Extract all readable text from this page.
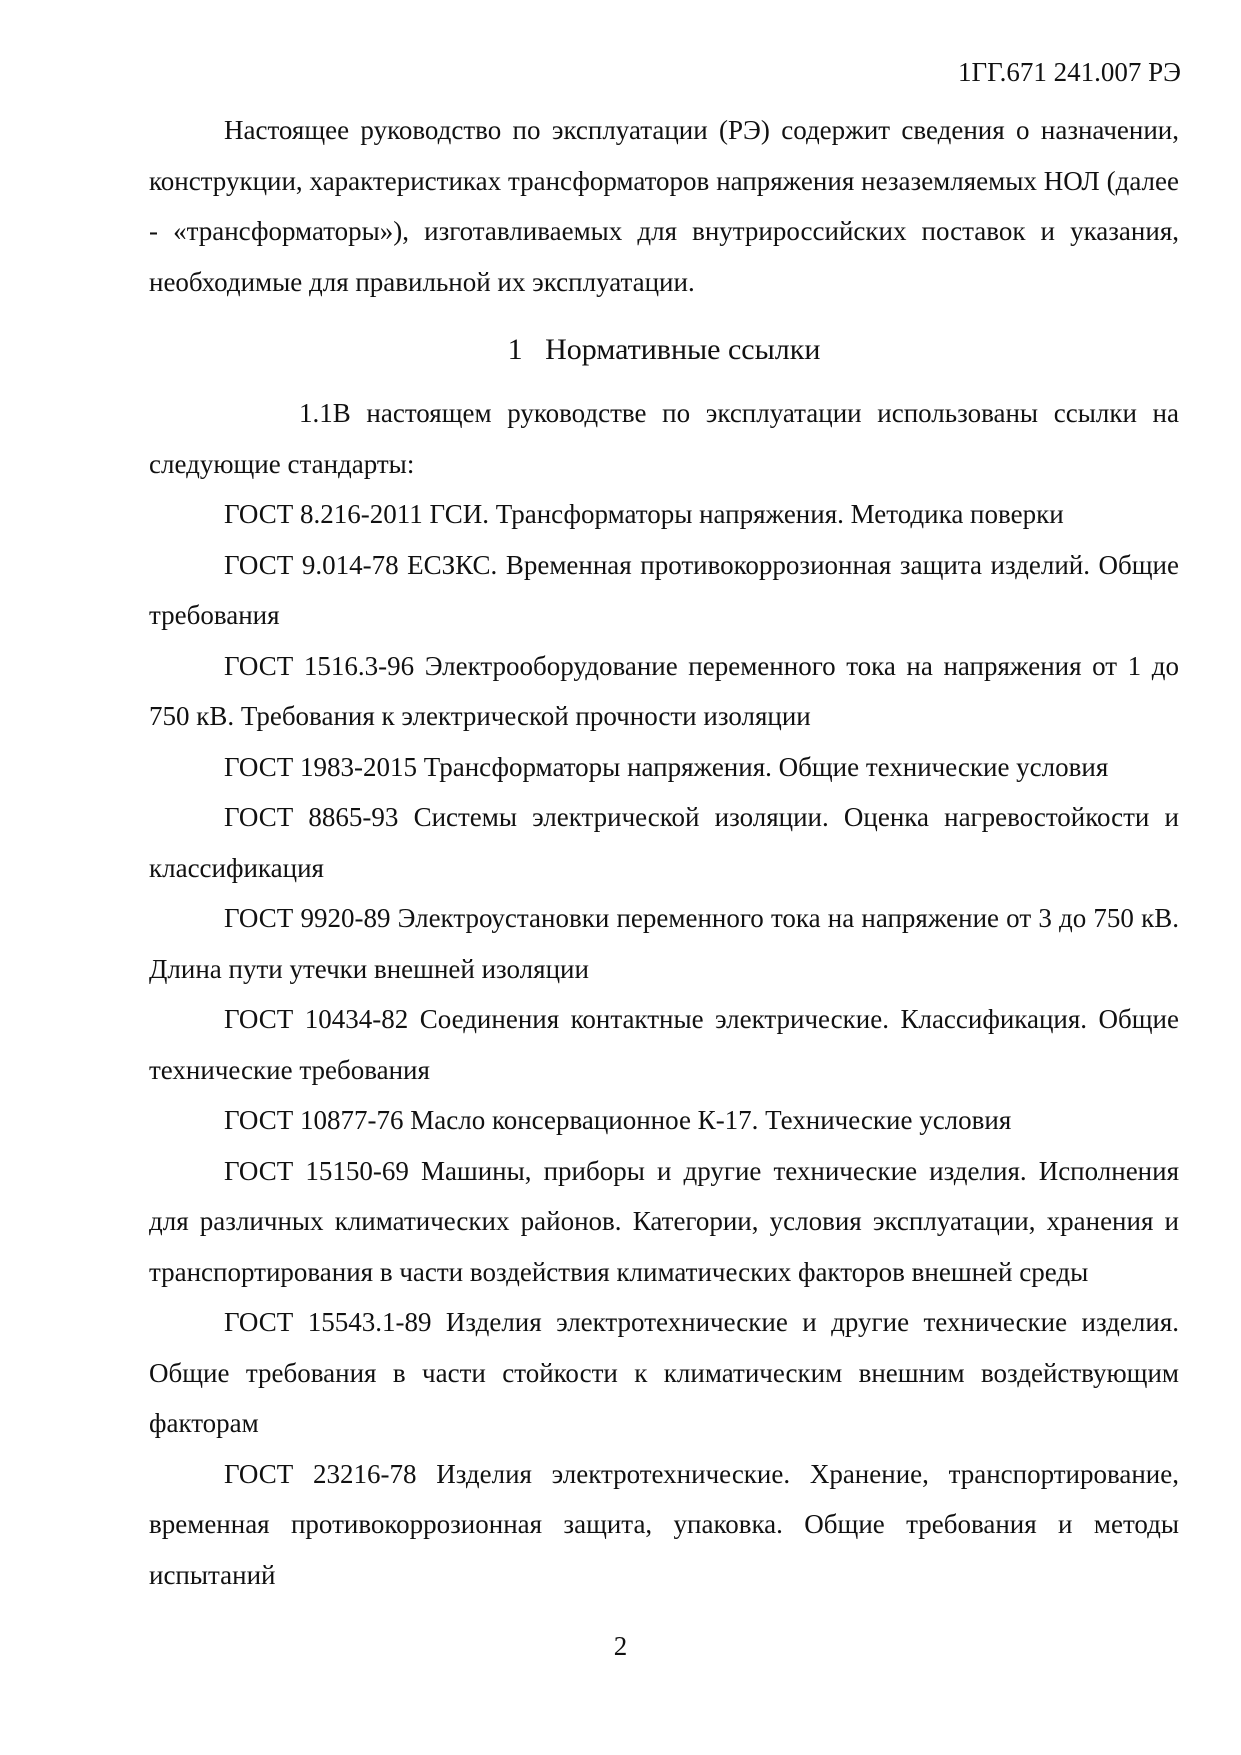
1ГГ.671 241.007 РЭ

Настоящее руководство по эксплуатации (РЭ) содержит сведения о назначении, конструкции, характеристиках трансформаторов напряжения незаземляемых НОЛ (далее - «трансформаторы»), изготавливаемых для внутрироссийских поставок и указания, необходимые для правильной их эксплуатации.

1 Нормативные ссылки

1.1В настоящем руководстве по эксплуатации использованы ссылки на следующие стандарты:

ГОСТ 8.216-2011 ГСИ. Трансформаторы напряжения. Методика поверки

ГОСТ 9.014-78 ЕСЗКС. Временная противокоррозионная защита изделий. Общие требования

ГОСТ 1516.3-96 Электрооборудование переменного тока на напряжения от 1 до 750 кВ. Требования к электрической прочности изоляции

ГОСТ 1983-2015 Трансформаторы напряжения. Общие технические условия

ГОСТ 8865-93 Системы электрической изоляции. Оценка нагревостойкости и классификация

ГОСТ 9920-89 Электроустановки переменного тока на напряжение от 3 до 750 кВ. Длина пути утечки внешней изоляции

ГОСТ 10434-82 Соединения контактные электрические. Классификация. Общие технические требования

ГОСТ 10877-76 Масло консервационное К-17. Технические условия

ГОСТ 15150-69 Машины, приборы и другие технические изделия. Исполнения для различных климатических районов. Категории, условия эксплуатации, хранения и транспортирования в части воздействия климатических факторов внешней среды

ГОСТ 15543.1-89 Изделия электротехнические и другие технические изделия. Общие требования в части стойкости к климатическим внешним воздействующим факторам

ГОСТ 23216-78 Изделия электротехнические. Хранение, транспортирование, временная противокоррозионная защита, упаковка. Общие требования и методы испытаний

2
